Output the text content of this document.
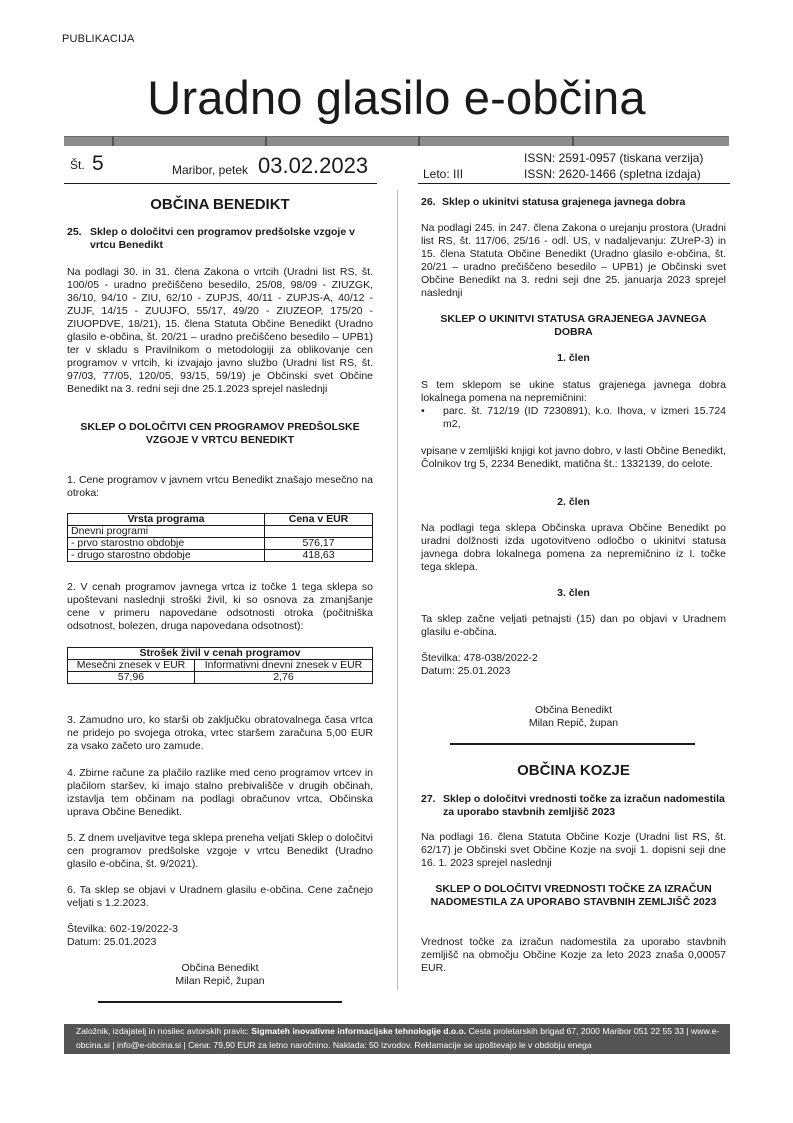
PUBLIKACIJA
Uradno glasilo e-občina
Št. 5	Maribor, petek 03.02.2023	Leto: III
ISSN: 2591-0957 (tiskana verzija)
ISSN: 2620-1466 (spletna izdaja)
OBČINA BENEDIKT
25. Sklep o določitvi cen programov predšolske vzgoje v vrtcu Benedikt

Na podlagi 30. in 31. člena Zakona o vrtcih (Uradni list RS, št. 100/05 - uradno prečiščeno besedilo, 25/08, 98/09 - ZIUZGK, 36/10, 94/10 - ZIU, 62/10 - ZUPJS, 40/11 - ZUPJS-A, 40/12 - ZUJF, 14/15 - ZUUJFO, 55/17, 49/20 - ZIUZEOP, 175/20 - ZIUOPDVE, 18/21), 15. člena Statuta Občine Benedikt (Uradno glasilo e-občina, št. 20/21 – uradno prečiščeno besedilo – UPB1) ter v skladu s Pravilnikom o metodologiji za oblikovanje cen programov v vrtcih, ki izvajajo javno službo (Uradni list RS, št. 97/03, 77/05, 120/05, 93/15, 59/19) je Občinski svet Občine Benedikt na 3. redni seji dne 25.1.2023 sprejel naslednji

SKLEP O DOLOČITVI CEN PROGRAMOV PREDŠOLSKE VZGOJE V VRTCU BENEDIKT

1. Cene programov v javnem vrtcu Benedikt znašajo mesečno na otroka:

Vrsta programa	Cena v EUR
Dnevni programi	
- prvo starostno obdobje	576,17
- drugo starostno obdobje	418,63

2. V cenah programov javnega vrtca iz točke 1 tega sklepa so upoštevani naslednji stroški živil, ki so osnova za zmanjšanje cene v primeru napovedane odsotnosti otroka (počitniška odsotnost, bolezen, druga napovedana odsotnost):

Strošek živil v cenah programov	
Mesečni znesek v EUR	Informativni dnevni znesek v EUR
57,96	2,76

3. Zamudno uro, ko starši ob zaključku obratovalnega časa vrtca ne pridejo po svojega otroka, vrtec staršem zaračuna 5,00 EUR za vsako začeto uro zamude.

4. Zbirne račune za plačilo razlike med ceno programov vrtcev in plačilom staršev, ki imajo stalno prebivališče v drugih občinah, izstavlja tem občinam na podlagi obračunov vrtca, Občinska uprava Občine Benedikt.

5. Z dnem uveljavitve tega sklepa preneha veljati Sklep o določitvi cen programov predšolske vzgoje v vrtcu Benedikt (Uradno glasilo e-občina, št. 9/2021).

6. Ta sklep se objavi v Uradnem glasilu e-občina. Cene začnejo veljati s 1.2.2023.

Številka: 602-19/2022-3
Datum: 25.01.2023
Občina Benedikt
Milan Repič, župan
26. Sklep o ukinitvi statusa grajenega javnega dobra

Na podlagi 245. in 247. člena Zakona o urejanju prostora (Uradni list RS, št. 117/06, 25/16 - odl. US, v nadaljevanju: ZUreP-3) in 15. člena Statuta Občine Benedikt (Uradno glasilo e-občina, št. 20/21 – uradno prečiščeno besedilo – UPB1) je Občinski svet Občine Benedikt na 3. redni seji dne 25. januarja 2023 sprejel naslednji

SKLEP O UKINITVI STATUSA GRAJENEGA JAVNEGA DOBRA
1. člen

S tem sklepom se ukine status grajenega javnega dobra lokalnega pomena na nepremičnini:

• parc. št. 712/19 (ID 7230891), k.o. Ihova, v izmeri 15.724 m2,

vpisane v zemljiški knjigi kot javno dobro, v lasti Občine Benedikt, Čolnikov trg 5, 2234 Benedikt, matična št.: 1332139, do celote.

2. člen

Na podlagi tega sklepa Občinska uprava Občine Benedikt po uradni dolžnosti izda ugotovitveno odločbo o ukinitvi statusa javnega dobra lokalnega pomena za nepremičnino iz I. točke tega sklepa.

3. člen

Ta sklep začne veljati petnajsti (15) dan po objavi v Uradnem glasilu e-občina.

Številka: 478-038/2022-2
Datum: 25.01.2023
Občina Benedikt
Milan Repič, župan
OBČINA KOZJE
27. Sklep o določitvi vrednosti točke za izračun nadomestila za uporabo stavbnih zemljišč 2023

Na podlagi 16. člena Statuta Občine Kozje (Uradni list RS, št. 62/17) je Občinski svet Občine Kozje na svoji 1. dopisni seji dne 16. 1. 2023 sprejel naslednji

SKLEP O DOLOČITVI VREDNOSTI TOČKE ZA IZRAČUN NADOMESTILA ZA UPORABO STAVBNIH ZEMLJIŠČ 2023

Vrednost točke za izračun nadomestila za uporabo stavbnih zemljišč na območju Občine Kozje za leto 2023 znaša 0,00057 EUR.

Založnik, izdajatelj in nosilec avtorskih pravic: Sigmateh inovativne informacijske tehnologije d.o.o. Cesta proletarskih brigad 67, 2000 Maribor 051 22 55 33 | www.e-obcina.si | info@e-obcina.si | Cena: 79,90 EUR za letno naročnino. Naklada: 50 izvodov. Reklamacije se upoštevajo le v obdobju enega
